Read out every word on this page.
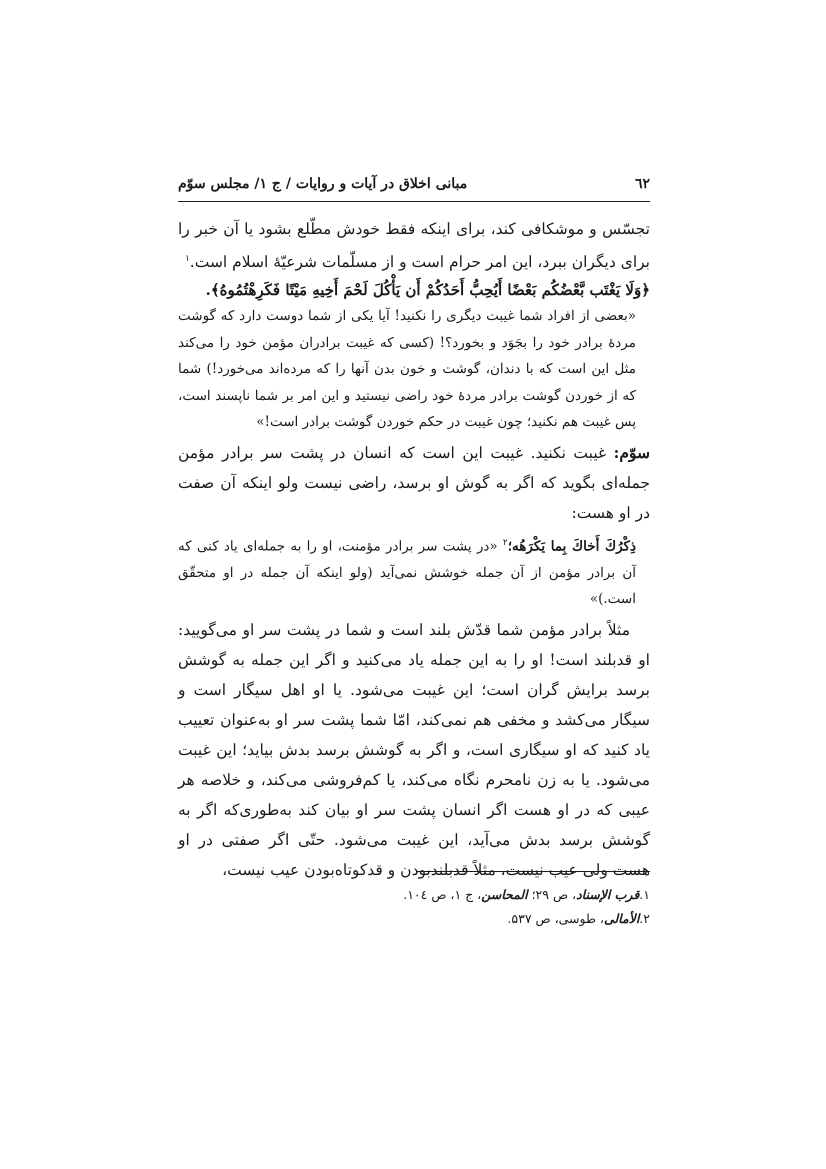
٦٢
مبانی اخلاق در آیات و روایات / ج ۱/ مجلس سوّم

تجسّس و موشکافی کند، برای اینکه فقط خودش مطّلع بشود یا آن خبر را برای دیگران ببرد، این امر حرام است و از مسلّمات شرعیّهٔ اسلام است.$^۱$

﴿وَلَا يَغْتَب بَّعْضُكُم بَعْضًا أَيُحِبُّ أَحَدُكُمْ أَن يَأْكُلَ لَحْمَ أَخِيهِ مَيْتًا فَكَرِهْتُمُوهُ﴾.

«بعضی از افراد شما غیبت دیگری را نکنید! آیا یکی از شما دوست دارد که گوشت مردهٔ برادر خود را بجَوَد و بخورد؟! (کسی که غیبت برادران مؤمن خود را می‌کند مثل این است که با دندان، گوشت و خون بدن آنها را که مرده‌اند می‌خورد!) شما که از خوردن گوشت برادر مردهٔ خود راضی نیستید و این امر بر شما ناپسند است، پس غیبت هم نکنید؛ چون غیبت در حکم خوردن گوشت برادر است!»

سوّم: غیبت نکنید. غیبت این است که انسان در پشت سر برادر مؤمن جمله‌ای بگوید که اگر به گوش او برسد، راضی نیست ولو اینکه آن صفت در او هست:

ذِكْرُكَ أَخاكَ بِما يَكْرَهُه؛$^۲$ «در پشت سر برادر مؤمنت، او را به جمله‌ای یاد کنی که آن برادر مؤمن از آن جمله خوشش نمی‌آید (ولو اینکه آن جمله در او متحقّق است.)»

مثلاً برادر مؤمن شما قدّش بلند است و شما در پشت سر او می‌گویید: او قدبلند است! او را به این جمله یاد می‌کنید و اگر این جمله به گوشش برسد برایش گران است؛ این غیبت می‌شود. یا او اهل سیگار است و سیگار می‌کشد و مخفی هم نمی‌کند، امّا شما پشت سر او به‌عنوان تعییب یاد کنید که او سیگاری است، و اگر به گوشش برسد بدش بیاید؛ این غیبت می‌شود. یا به زن نامحرم نگاه می‌کند، یا کم‌فروشی می‌کند، و خلاصه هر عیبی که در او هست اگر انسان پشت سر او بیان کند به‌طوری‌که اگر به گوشش برسد بدش می‌آید، این غیبت می‌شود. حتّی اگر صفتی در او هست ولی عیب نیست، مثلاً قدبلندبودن و قدکوتاه‌بودن عیب نیست،

۱.قرب الإسناد، ص ۲۹؛ المحاسن، ج ۱، ص ۱۰٤.
۲.الأمالی، طوسی، ص ۵۳۷.
